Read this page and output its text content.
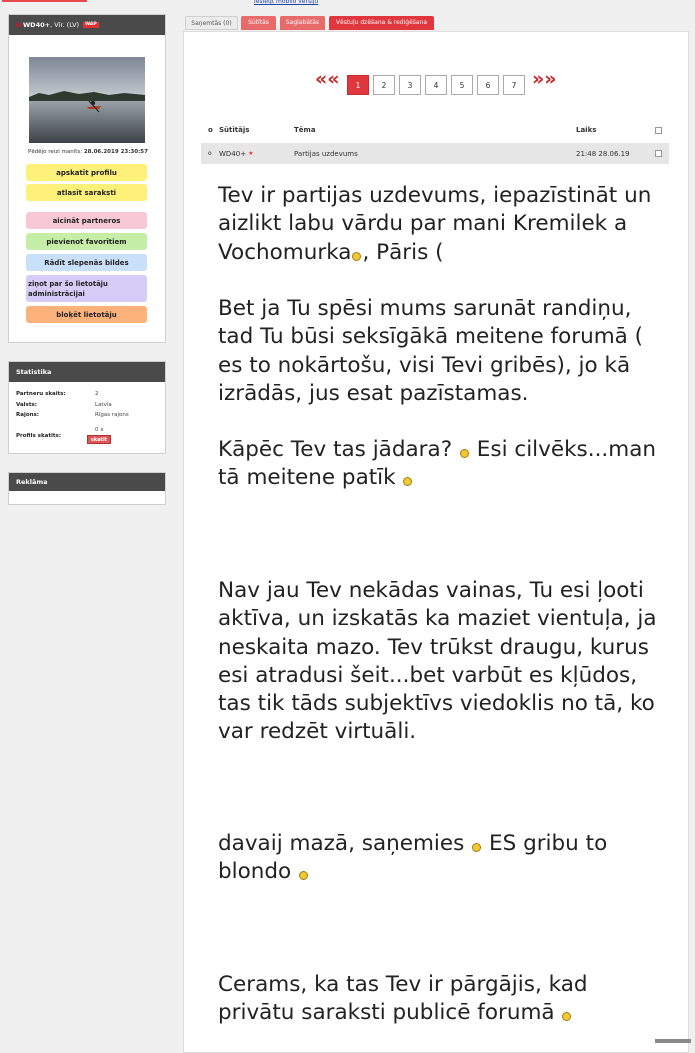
Ieslēgt mobilo versiju
WD40+, Vīr. (LV) WAP
Pēdējo reizi manīts: 28.06.2019 23:30:57
apskatīt profilu
atlasīt saraksti
aicināt partneros
pievienot favorītiem
Rādīt slepenās bildes
ziņot par šo lietotāju administrācijai
bloķēt lietotāju
Statistika
Partneru skaits:	2
Valsts:	Latvia
Rajons:	Rīgas rajons
Profils skatīts:
0 x
skatīt
Reklāma
Saņemtās (0)	Sūtītās	Saglabātās	Vēstuļu dzēšana & rediģēšana
««	1	2	3	4	5	6	7 »»
o Sūtītājs	Tēma	Laiks
o WD40+ ★	Partijas uzdevums	21:48 28.06.19

Tev ir partijas uzdevums, iepazīstināt un aizlikt labu vārdu par mani Kremilek a Vochomurka , Pāris (

Bet ja Tu spēsi mums sarunāt randiņu, tad Tu būsi seksīgākā meitene forumā ( es to nokārtošu, visi Tevi gribēs), jo kā izrādās, jus esat pazīstamas.

Kāpēc Tev tas jādara?  Esi cilvēks...man tā meitene patīk

Nav jau Tev nekādas vainas, Tu esi ļooti aktīva, un izskatās ka maziet vientuļa, ja neskaita mazo. Tev trūkst draugu, kurus esi atradusi šeit...bet varbūt es kļūdos, tas tik tāds subjektīvs viedoklis no tā, ko var redzēt virtuāli.

davaij mazā, saņemies  ES gribu to blondo

Cerams, ka tas Tev ir pārgājis, kad privātu saraksti publicē forumā
